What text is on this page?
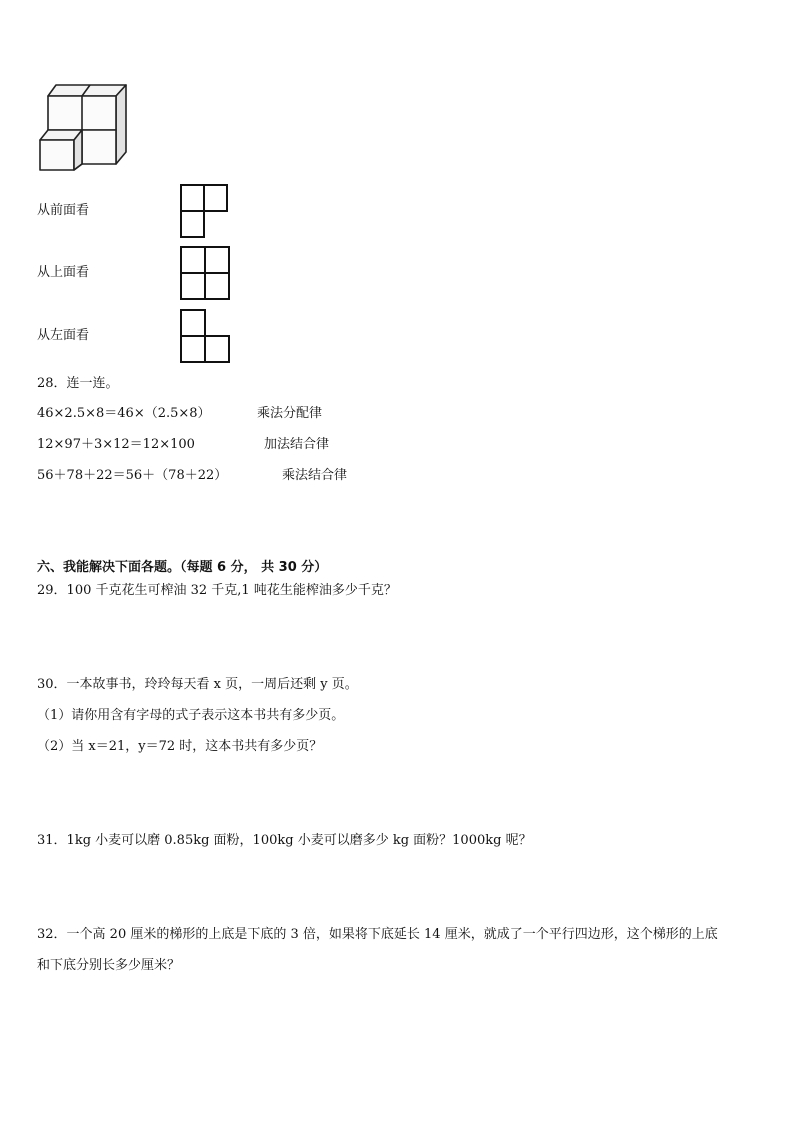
从前面看
从上面看
从左面看
28．连一连。
46×2.5×8＝46×（2.5×8）	乘法分配律
12×97＋3×12＝12×100	加法结合律
56＋78＋22＝56＋（78＋22）	乘法结合律
六、我能解决下面各题。（每题 6 分， 共 30 分）
29．100 千克花生可榨油 32 千克,1 吨花生能榨油多少千克？
30．一本故事书，玲玲每天看 x 页，一周后还剩 y 页。
（1）请你用含有字母的式子表示这本书共有多少页。
（2）当 x＝21，y＝72 时，这本书共有多少页？
31．1kg 小麦可以磨 0.85kg 面粉，100kg 小麦可以磨多少 kg 面粉？1000kg 呢？
32．一个高 20 厘米的梯形的上底是下底的 3 倍，如果将下底延长 14 厘米，就成了一个平行四边形，这个梯形的上底
和下底分别长多少厘米？
